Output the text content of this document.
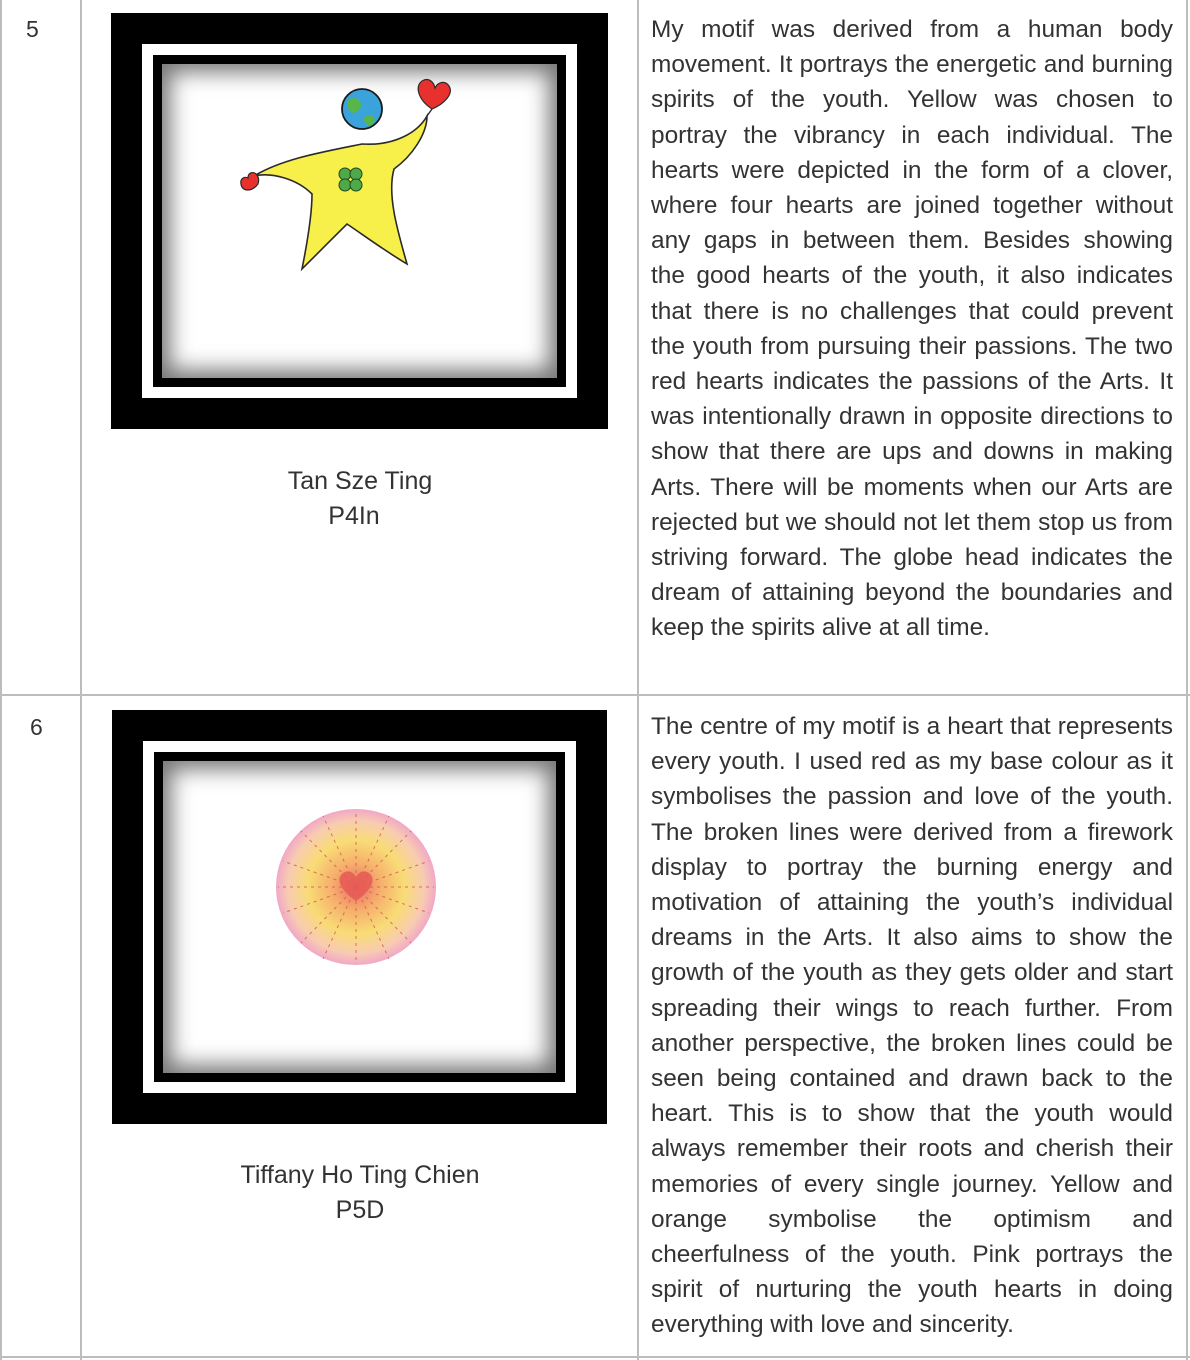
5
Tan Sze Ting
P4In

My motif was derived from a human body movement. It portrays the energetic and burning spirits of the youth. Yellow was chosen to portray the vibrancy in each individual. The hearts were depicted in the form of a clover, where four hearts are joined together without any gaps in between them. Besides showing the good hearts of the youth, it also indicates that there is no challenges that could prevent the youth from pursuing their passions. The two red hearts indicates the passions of the Arts. It was intentionally drawn in opposite directions to show that there are ups and downs in making Arts. There will be moments when our Arts are rejected but we should not let them stop us from striving forward. The globe head indicates the dream of attaining beyond the boundaries and keep the spirits alive at all time.

6
Tiffany Ho Ting Chien
P5D

The centre of my motif is a heart that represents every youth. I used red as my base colour as it symbolises the passion and love of the youth. The broken lines were derived from a firework display to portray the burning energy and motivation of attaining the youth’s individual dreams in the Arts. It also aims to show the growth of the youth as they gets older and start spreading their wings to reach further. From another perspective, the broken lines could be seen being contained and drawn back to the heart. This is to show that the youth would always remember their roots and cherish their memories of every single journey. Yellow and orange symbolise the optimism and cheerfulness of the youth. Pink portrays the spirit of nurturing the youth hearts in doing everything with love and sincerity.
